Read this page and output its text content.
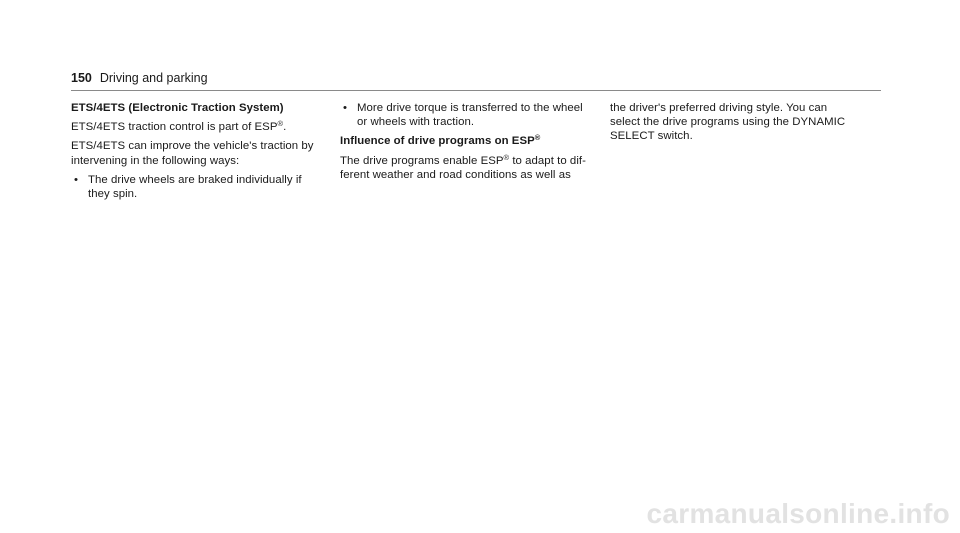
150 Driving and parking
ETS/4ETS (Electronic Traction System)

ETS/4ETS traction control is part of ESP®.

ETS/4ETS can improve the vehicle's traction by
intervening in the following ways:

• The drive wheels are braked individually if
they spin.
• More drive torque is transferred to the wheel
or wheels with traction.
Influence of drive programs on ESP®

The drive programs enable ESP® to adapt to dif-
ferent weather and road conditions as well as

the driver's preferred driving style. You can
select the drive programs using the DYNAMIC
SELECT switch.

carmanualsonline.info
